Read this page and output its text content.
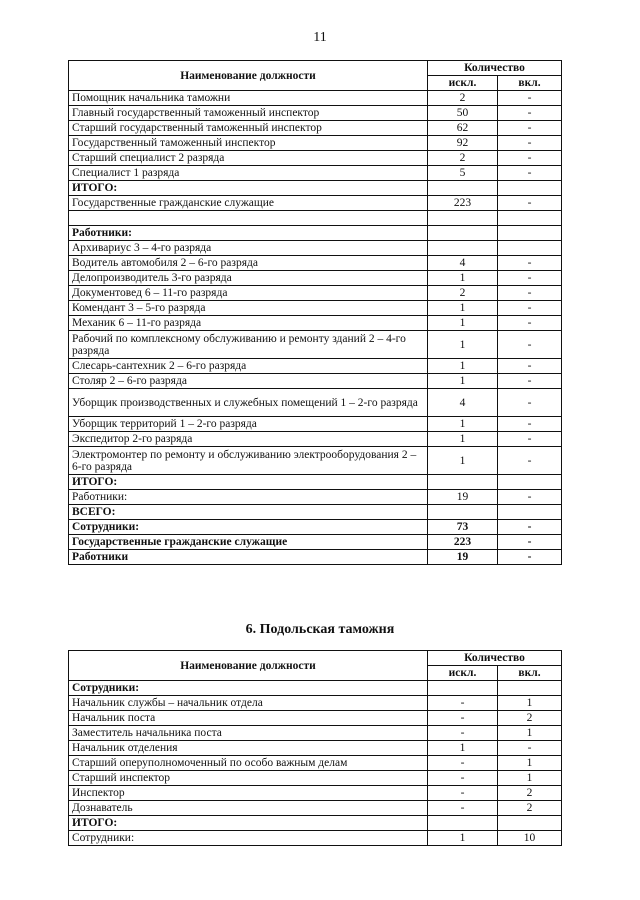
11
Наименование должности	Количество	
	искл.	вкл.
Помощник начальника таможни	2	-
Главный государственный таможенный инспектор	50	-
Старший государственный таможенный инспектор	62	-
Государственный таможенный инспектор	92	-
Старший специалист 2 разряда	2	-
Специалист 1 разряда	5	-
ИТОГО:		
Государственные гражданские служащие	223	-

Работники:		
Архивариус 3 – 4-го разряда		
Водитель автомобиля 2 – 6-го разряда	4	-
Делопроизводитель 3-го разряда	1	-
Документовед 6 – 11-го разряда	2	-
Комендант 3 – 5-го разряда	1	-
Механик 6 – 11-го разряда	1	-
Рабочий по комплексному обслуживанию и ремонту зданий 2 – 4-го разряда	1	-
Слесарь-сантехник 2 – 6-го разряда	1	-
Столяр 2 – 6-го разряда	1	-
Уборщик производственных и служебных помещений 1 – 2-го разряда	4	-
Уборщик территорий 1 – 2-го разряда	1	-
Экспедитор 2-го разряда	1	-
Электромонтер по ремонту и обслуживанию электрооборудования 2 – 6-го разряда	1	-
ИТОГО:		
Работники:	19	-
ВСЕГО:		
Сотрудники:	73	-
Государственные гражданские служащие	223	-
Работники	19	-
6. Подольская таможня
Наименование должности	Количество	
	искл.	вкл.
Сотрудники:		
Начальник службы – начальник отдела	-	1
Начальник поста	-	2
Заместитель начальника поста	-	1
Начальник отделения	1	-
Старший оперуполномоченный по особо важным делам	-	1
Старший инспектор	-	1
Инспектор	-	2
Дознаватель	-	2
ИТОГО:		
Сотрудники:	1	10
